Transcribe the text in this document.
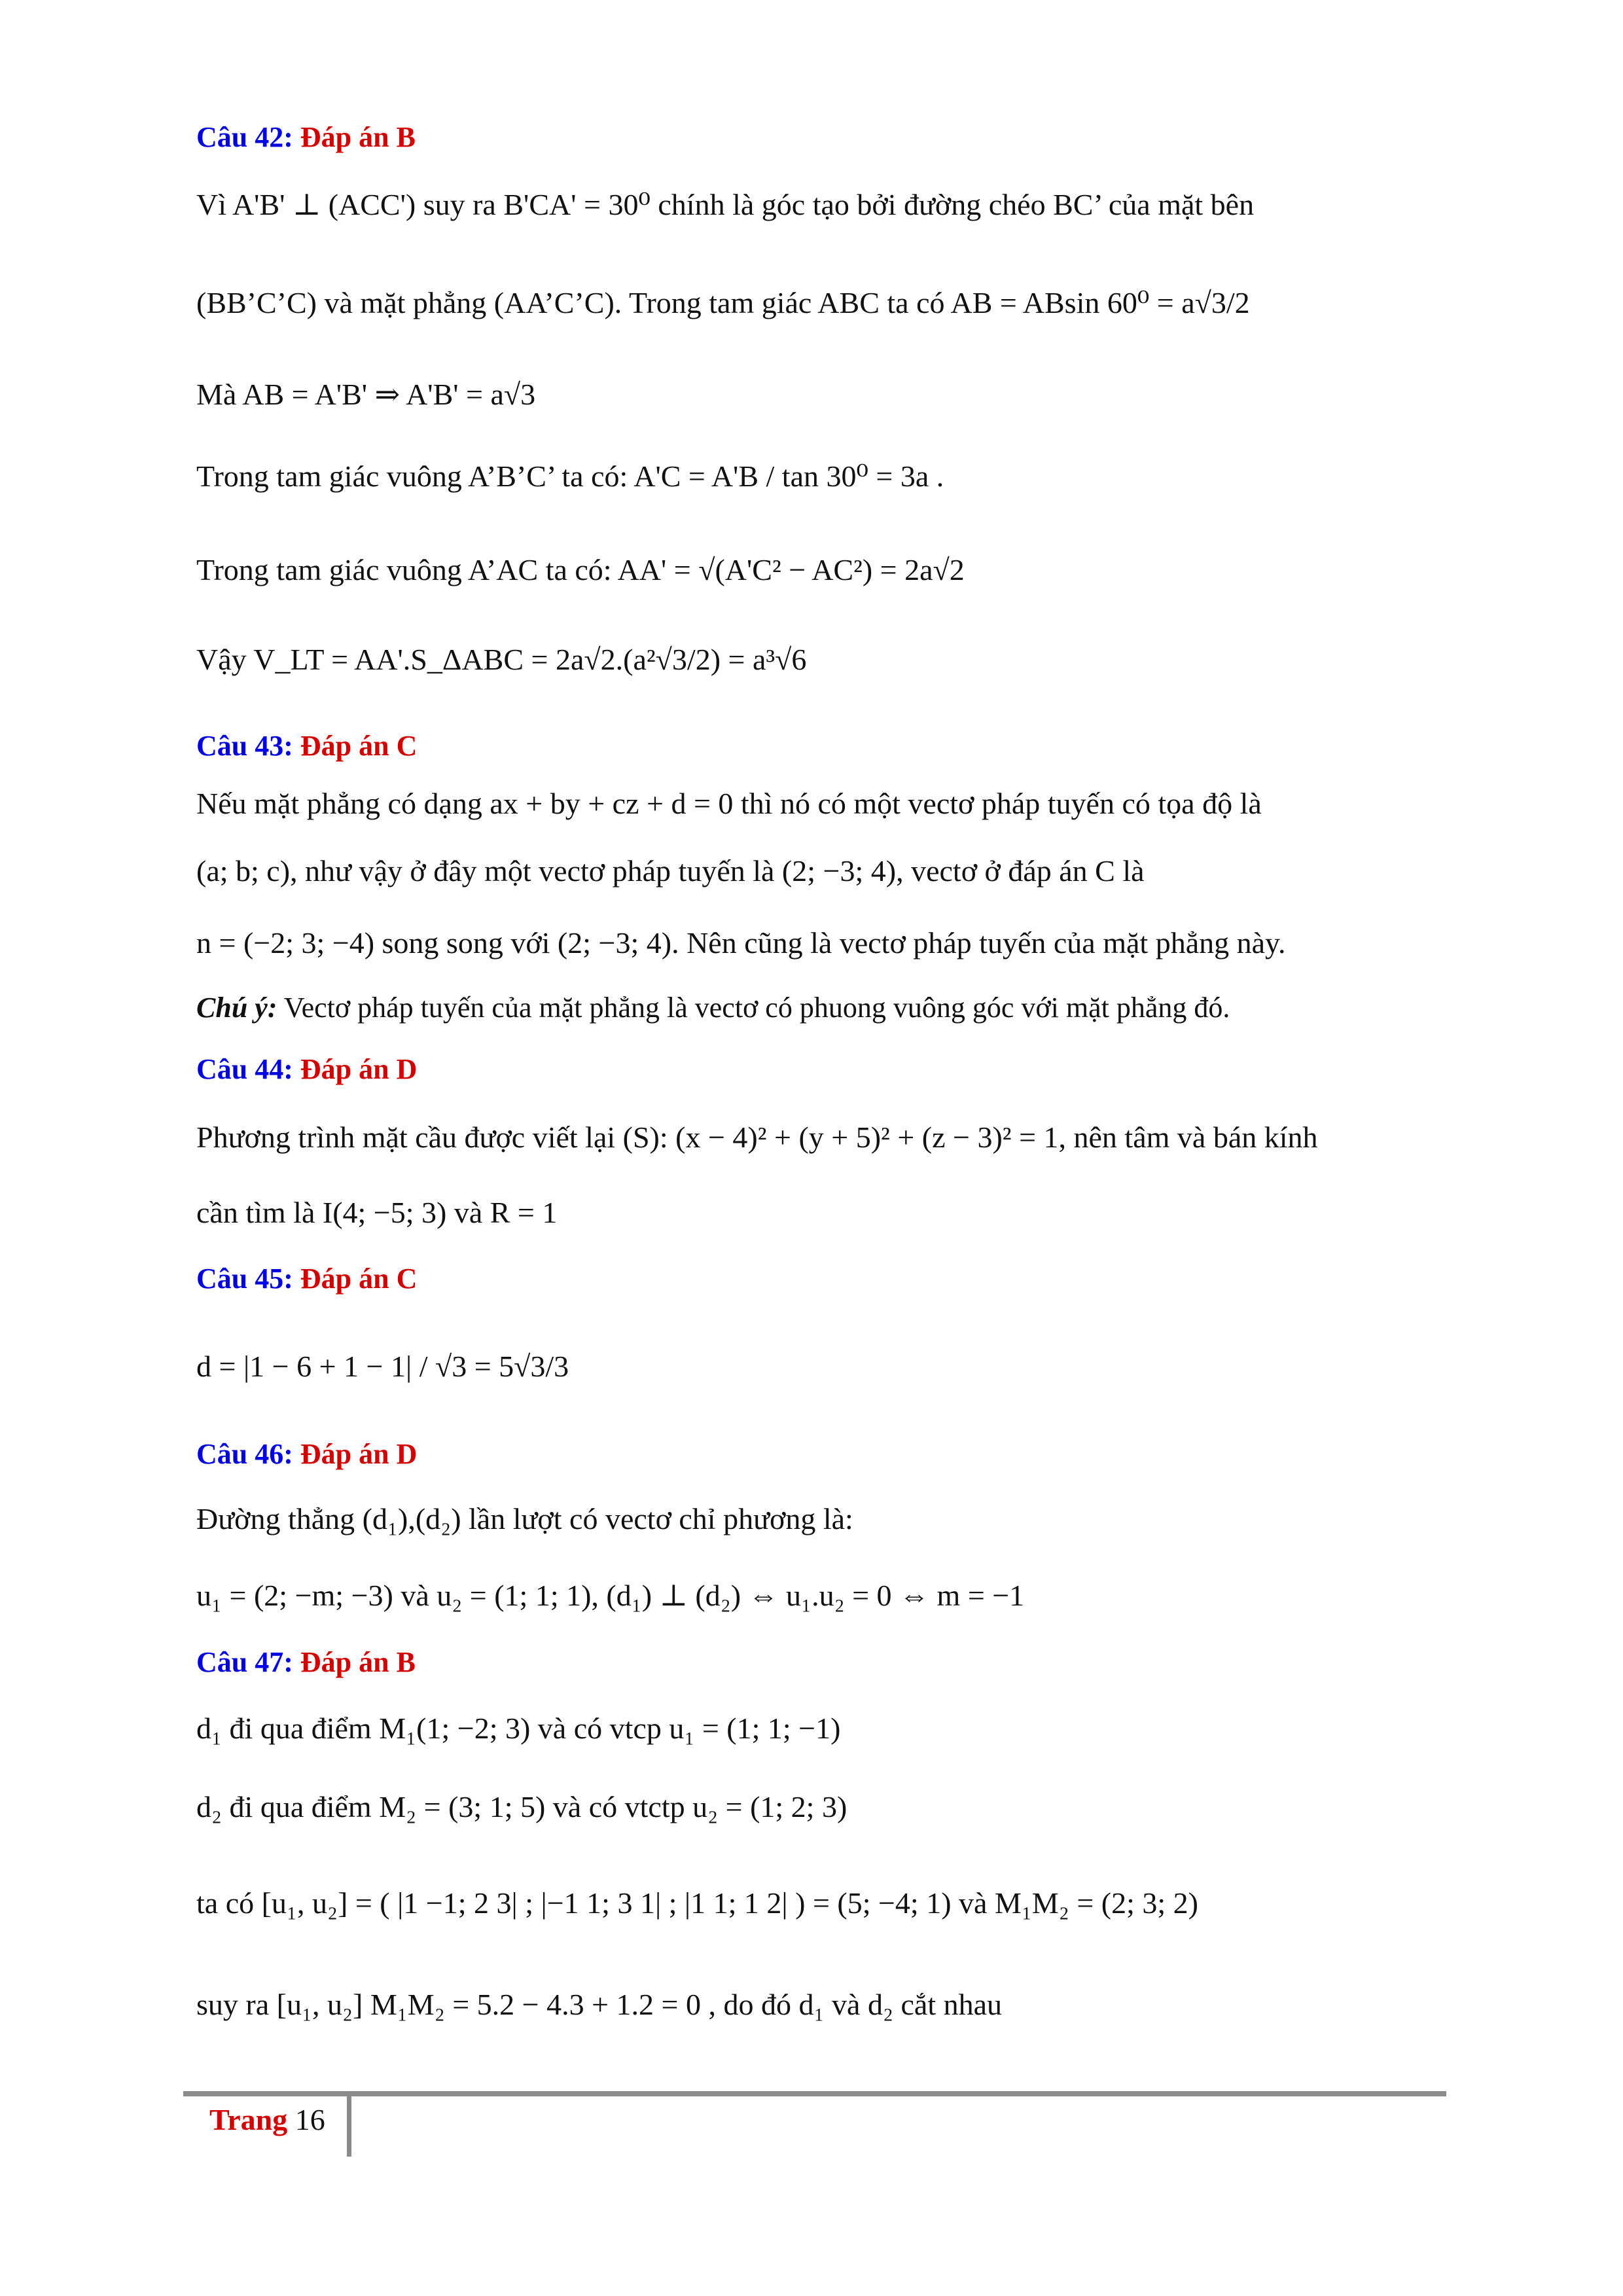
Câu 42: Đáp án B
Vì A'B' ⊥ (ACC') suy ra B'CA' = 30⁰ chính là góc tạo bởi đường chéo BC’ của mặt bên
(BB’C’C) và mặt phẳng (AA’C’C). Trong tam giác ABC ta có AB = ABsin 60⁰ = a√3/2
Mà AB = A'B' ⇒ A'B' = a√3
Trong tam giác vuông A’B’C’ ta có: A'C = A'B / tan 30⁰ = 3a .
Trong tam giác vuông A’AC ta có: AA' = √(A'C² − AC²) = 2a√2
Vậy V_LT = AA'.S_ΔABC = 2a√2.(a²√3/2) = a³√6
Câu 43: Đáp án C
Nếu mặt phẳng có dạng ax + by + cz + d = 0 thì nó có một vectơ pháp tuyến có tọa độ là
(a; b; c), như vậy ở đây một vectơ pháp tuyến là (2; −3; 4), vectơ ở đáp án C là
n = (−2; 3; −4) song song với (2; −3; 4). Nên cũng là vectơ pháp tuyến của mặt phẳng này.
Chú ý: Vectơ pháp tuyến của mặt phẳng là vectơ có phuong vuông góc với mặt phẳng đó.
Câu 44: Đáp án D
Phương trình mặt cầu được viết lại (S): (x − 4)² + (y + 5)² + (z − 3)² = 1, nên tâm và bán kính
cần tìm là I(4; −5; 3) và R = 1
Câu 45: Đáp án C
d = |1 − 6 + 1 − 1| / √3 = 5√3/3
Câu 46: Đáp án D
Đường thẳng (d₁),(d₂) lần lượt có vectơ chỉ phương là:
u₁ = (2; −m; −3) và u₂ = (1; 1; 1), (d₁) ⊥ (d₂) ⇔ u₁.u₂ = 0 ⇔ m = −1
Câu 47: Đáp án B
d₁ đi qua điểm M₁(1; −2; 3) và có vtcp u₁ = (1; 1; −1)
d₂ đi qua điểm M₂ = (3; 1; 5) và có vtctp u₂ = (1; 2; 3)
ta có [u₁, u₂] = ( |1 −1; 2 3| ; |−1 1; 3 1| ; |1 1; 1 2| ) = (5; −4; 1) và M₁M₂ = (2; 3; 2)
suy ra [u₁, u₂] M₁M₂ = 5.2 − 4.3 + 1.2 = 0 , do đó d₁ và d₂ cắt nhau
Trang 16
